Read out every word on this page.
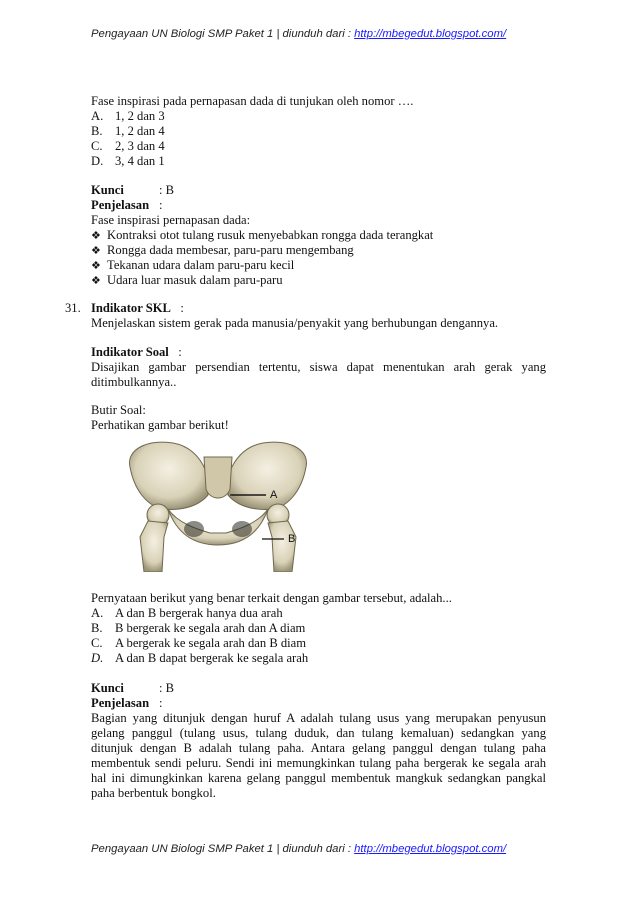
Pengayaan UN Biologi SMP Paket 1 | diunduh dari : http://mbegedut.blogspot.com/
Fase inspirasi pada pernapasan dada di tunjukan oleh nomor ….
A. 1, 2 dan 3
B. 1, 2 dan 4
C. 2, 3 dan 4
D. 3, 4 dan 1
Kunci	: B
Penjelasan :
Fase inspirasi pernapasan dada:
❖ Kontraksi otot tulang rusuk menyebabkan rongga dada terangkat
❖ Rongga dada membesar, paru-paru mengembang
❖ Tekanan udara dalam paru-paru kecil
❖ Udara luar masuk dalam paru-paru
31. Indikator SKL :
Menjelaskan sistem gerak pada manusia/penyakit yang berhubungan dengannya.
Indikator Soal :
Disajikan gambar persendian tertentu, siswa dapat menentukan arah gerak yang ditimbulkannya..
Butir Soal:
Perhatikan gambar berikut!
A
B
Pernyataan berikut yang benar terkait dengan gambar tersebut, adalah...
A. A dan B bergerak hanya dua arah
B. B bergerak ke segala arah dan A diam
C. A bergerak ke segala arah dan B diam
D. A dan B dapat bergerak ke segala arah
Kunci	: B
Penjelasan :
Bagian yang ditunjuk dengan huruf A adalah tulang usus yang merupakan penyusun gelang panggul (tulang usus, tulang duduk, dan tulang kemaluan) sedangkan yang ditunjuk dengan B adalah tulang paha. Antara gelang panggul dengan tulang paha membentuk sendi peluru. Sendi ini memungkinkan tulang paha bergerak ke segala arah hal ini dimungkinkan karena gelang panggul membentuk mangkuk sedangkan pangkal paha berbentuk bongkol.
Pengayaan UN Biologi SMP Paket 1 | diunduh dari : http://mbegedut.blogspot.com/
